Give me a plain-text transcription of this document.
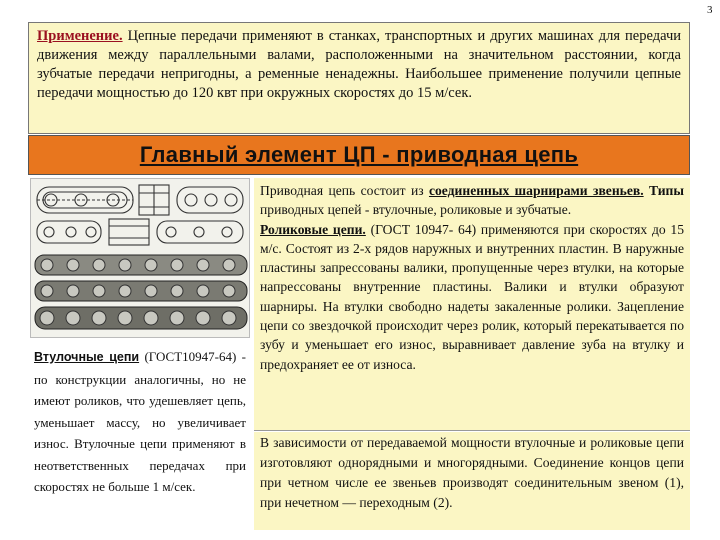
3
Применение. Цепные передачи применяют в станках, транспортных и других машинах для передачи движения между параллельными валами, расположенными на значительном расстоянии, когда зубчатые передачи непригодны, а ременные ненадежны. Наибольшее применение получили цепные передачи мощностью до 120 квт при окружных скоростях до 15 м/сек.
Главный элемент ЦП - приводная цепь
Втулочные цепи (ГОСТ10947-64) - по конструкции аналогичны, но не имеют роликов, что удешевляет цепь, уменьшает массу, но увеличивает износ. Втулочные цепи применяют в неответственных передачах при скоростях не больше 1 м/сек.
Приводная цепь состоит из соединенных шарнирами звеньев. Типы приводных цепей - втулочные, роликовые и зубчатые.
Роликовые цепи. (ГОСТ 10947- 64) применяются при скоростях до 15 м/с. Состоят из 2-х рядов наружных и внутренних пластин. В наружные пластины запрессованы валики, пропущенные через втулки, на которые напрессованы внутренние пластины. Валики и втулки образуют шарниры. На втулки свободно надеты закаленные ролики. Зацепление цепи со звездочкой происходит через ролик, который перекатывается по зубу и уменьшает его износ, выравнивает давление зуба на втулку и предохраняет ее от износа.
В зависимости от передаваемой мощности втулочные и роликовые цепи изготовляют однорядными и многорядными. Соединение концов цепи при четном числе ее звеньев производят соединительным звеном (1), при нечетном — переходным (2).
